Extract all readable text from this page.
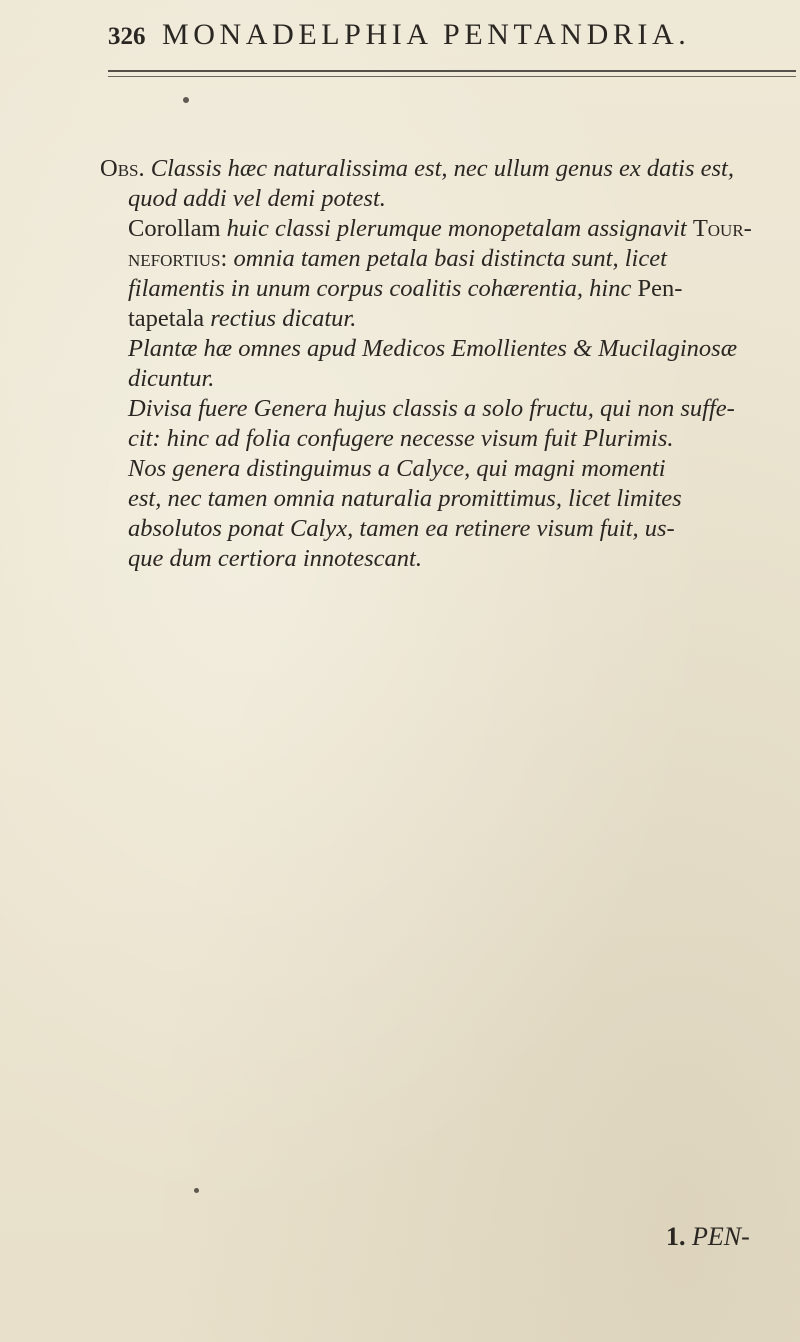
326 MONADELPHIA PENTANDRIA.
Obs. Classis hæc naturalissima est, nec ullum genus ex datis est,
quod addi vel demi potest.
Corollam huic classi plerumque monopetalam assignavit Tour-
nefortius: omnia tamen petala basi distincta sunt, licet
filamentis in unum corpus coalitis cohærentia, hinc Pen-
tapetala rectius dicatur.
Plantæ hæ omnes apud Medicos Emollientes & Mucilaginosæ
dicuntur.
Divisa fuere Genera hujus classis a solo fructu, qui non suffe-
cit: hinc ad folia confugere necesse visum fuit Plurimis.
Nos genera distinguimus a Calyce, qui magni momenti
est, nec tamen omnia naturalia promittimus, licet limites
absolutos ponat Calyx, tamen ea retinere visum fuit, us-
que dum certiora innotescant.
1. PEN-
